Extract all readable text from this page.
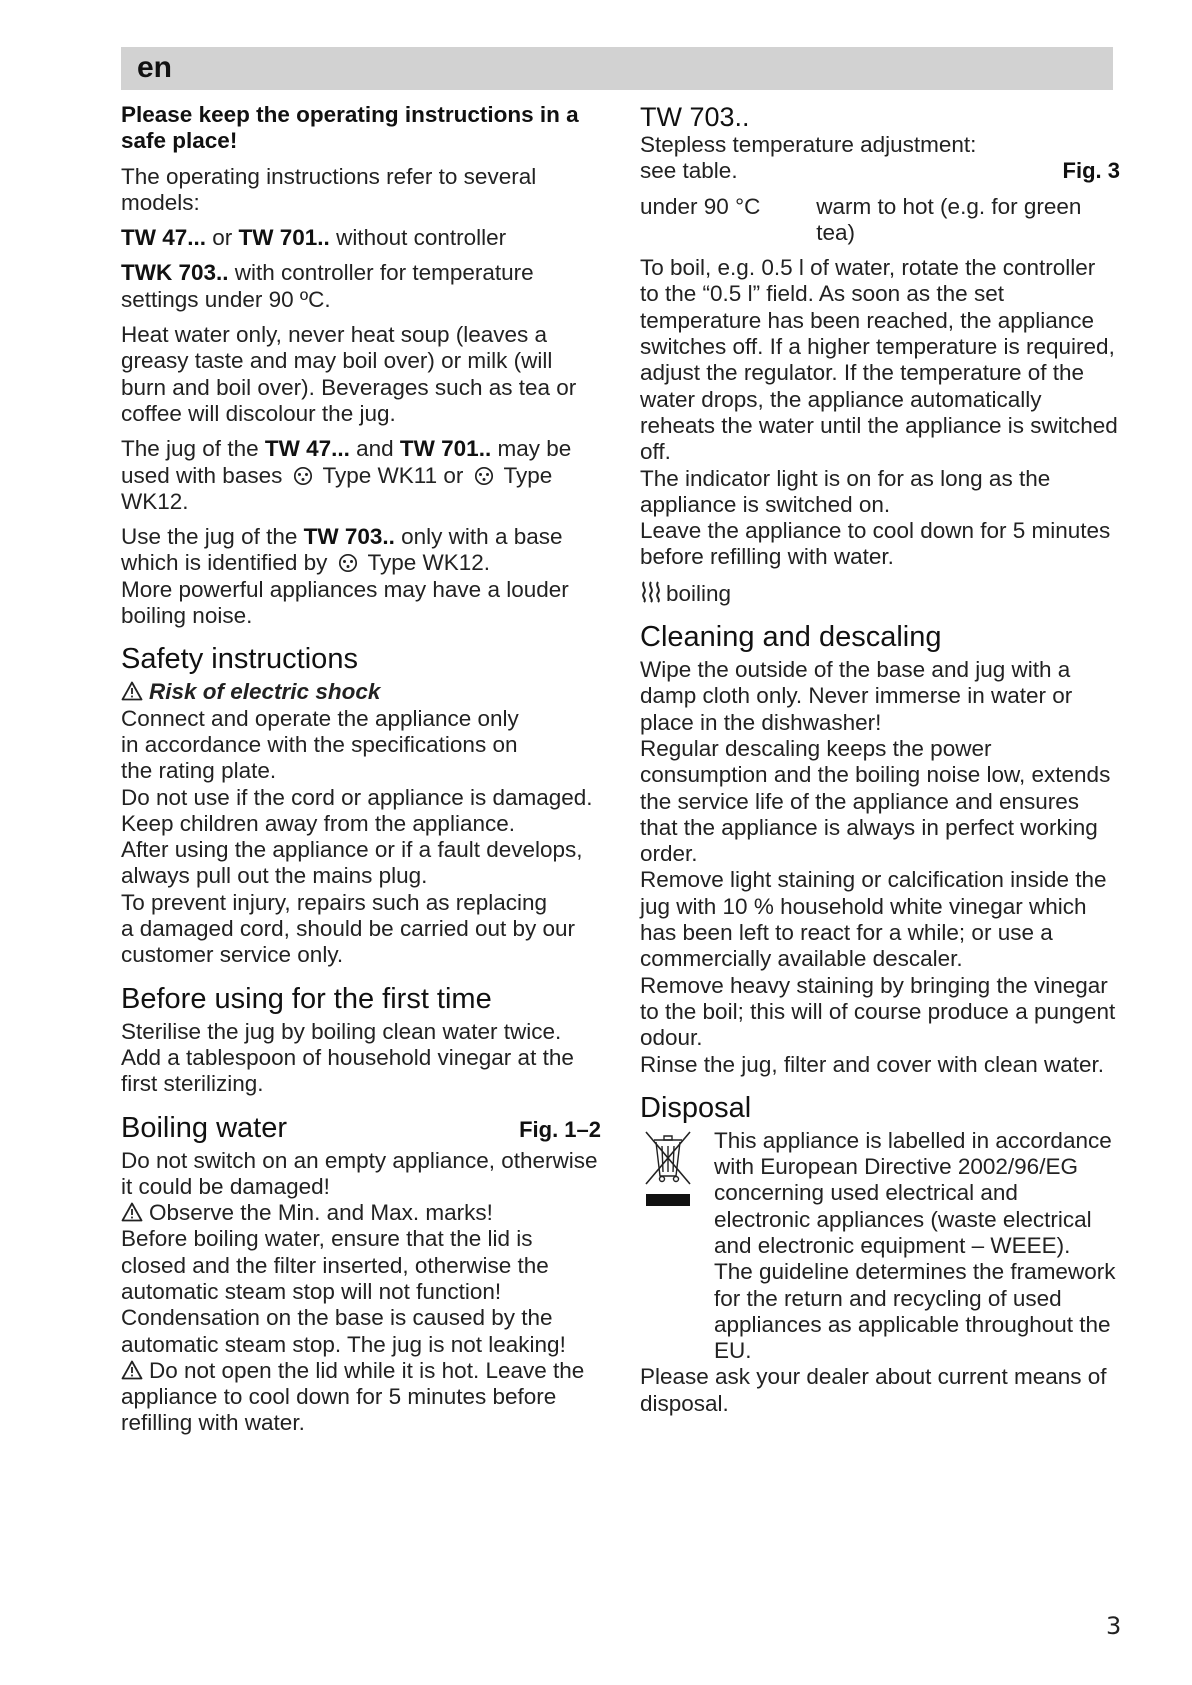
en

Please keep the operating instructions in a safe place!

The operating instructions refer to several models:

TW 47... or TW 701.. without controller

TWK 703.. with controller for temperature settings under 90 ºC.

Heat water only, never heat soup (leaves a greasy taste and may boil over) or milk (will burn and boil over). Beverages such as tea or coffee will discolour the jug.

The jug of the TW 47... and TW 701.. may be used with bases  Type WK11 or  Type WK12.

Use the jug of the TW 703.. only with a base which is identified by  Type WK12.

More powerful appliances may have a louder boiling noise.

Safety instructions
Risk of electric shock
Connect and operate the appliance only
in accordance with the specifications on
the rating plate.
Do not use if the cord or appliance is damaged.
Keep children away from the appliance.
After using the appliance or if a fault develops,
always pull out the mains plug.
To prevent injury, repairs such as replacing
a damaged cord, should be carried out by our
customer service only.
Before using for the first time
Sterilise the jug by boiling clean water twice.
Add a tablespoon of household vinegar at the first sterilizing.
Boiling water	Fig. 1–2
Do not switch on an empty appliance, otherwise it could be damaged!
Observe the Min. and Max. marks!
Before boiling water, ensure that the lid is closed and the filter inserted, otherwise the automatic steam stop will not function!
Condensation on the base is caused by the automatic steam stop. The jug is not leaking!
Do not open the lid while it is hot. Leave the appliance to cool down for 5 minutes before refilling with water.
TW 703..
Stepless temperature adjustment:
see table.	Fig. 3
under 90 °C	warm to hot (e.g. for green tea)
To boil, e.g. 0.5 l of water, rotate the controller to the “0.5 l” field. As soon as the set temperature has been reached, the appliance switches off. If a higher temperature is required, adjust the regulator. If the temperature of the water drops, the appliance automatically reheats the water until the appliance is switched off.
The indicator light is on for as long as the appliance is switched on.
Leave the appliance to cool down for 5 minutes before refilling with water.
boiling
Cleaning and descaling
Wipe the outside of the base and jug with a damp cloth only. Never immerse in water or place in the dishwasher!
Regular descaling keeps the power consumption and the boiling noise low, extends the service life of the appliance and ensures that the appliance is always in perfect working order.
Remove light staining or calcification inside the jug with 10 % household white vinegar which has been left to react for a while; or use a commercially available descaler.
Remove heavy staining by bringing the vinegar to the boil; this will of course produce a pungent odour.
Rinse the jug, filter and cover with clean water.
Disposal
This appliance is labelled in accordance with European Directive 2002/96/EG concerning used electrical and electronic appliances (waste electrical and electronic equipment – WEEE).
The guideline determines the framework for the return and recycling of used appliances as applicable throughout the EU.
Please ask your dealer about current means of disposal.
3
